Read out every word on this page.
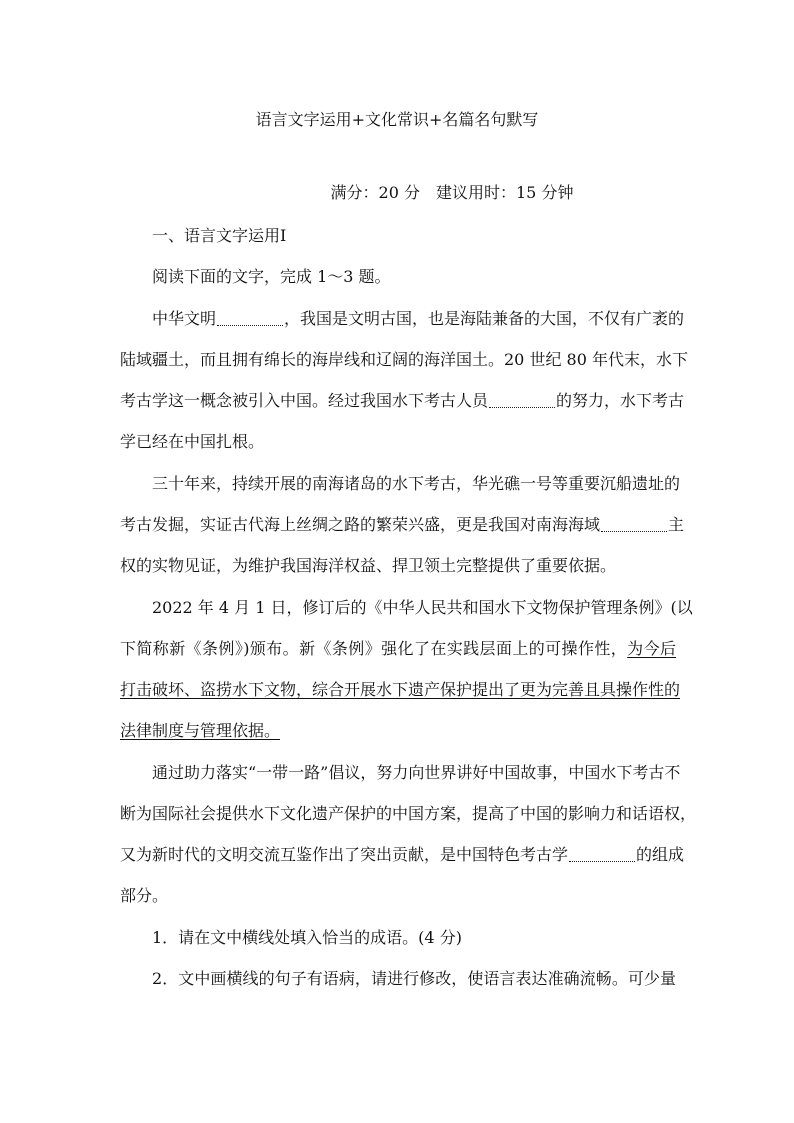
语言文字运用+文化常识+名篇名句默写
满分：20 分　建议用时：15 分钟
一、语言文字运用Ⅰ
阅读下面的文字，完成 1～3 题。
中华文明	，我国是文明古国，也是海陆兼备的大国，不仅有广袤的
陆域疆土，而且拥有绵长的海岸线和辽阔的海洋国土。20 世纪 80 年代末，水下
考古学这一概念被引入中国。经过我国水下考古人员	的努力，水下考古
学已经在中国扎根。
三十年来，持续开展的南海诸岛的水下考古，华光礁一号等重要沉船遗址的
考古发掘，实证古代海上丝绸之路的繁荣兴盛，更是我国对南海海域	主
权的实物见证，为维护我国海洋权益、捍卫领土完整提供了重要依据。
2022 年 4 月 1 日，修订后的《中华人民共和国水下文物保护管理条例》(以
下简称新《条例》)颁布。新《条例》强化了在实践层面上的可操作性，为今后
打击破坏、盗捞水下文物，综合开展水下遗产保护提出了更为完善且具操作性的
法律制度与管理依据。
通过助力落实“一带一路”倡议，努力向世界讲好中国故事，中国水下考古不
断为国际社会提供水下文化遗产保护的中国方案，提高了中国的影响力和话语权，
又为新时代的文明交流互鉴作出了突出贡献，是中国特色考古学	的组成
部分。
1．请在文中横线处填入恰当的成语。(4 分)
2．文中画横线的句子有语病，请进行修改，使语言表达准确流畅。可少量
